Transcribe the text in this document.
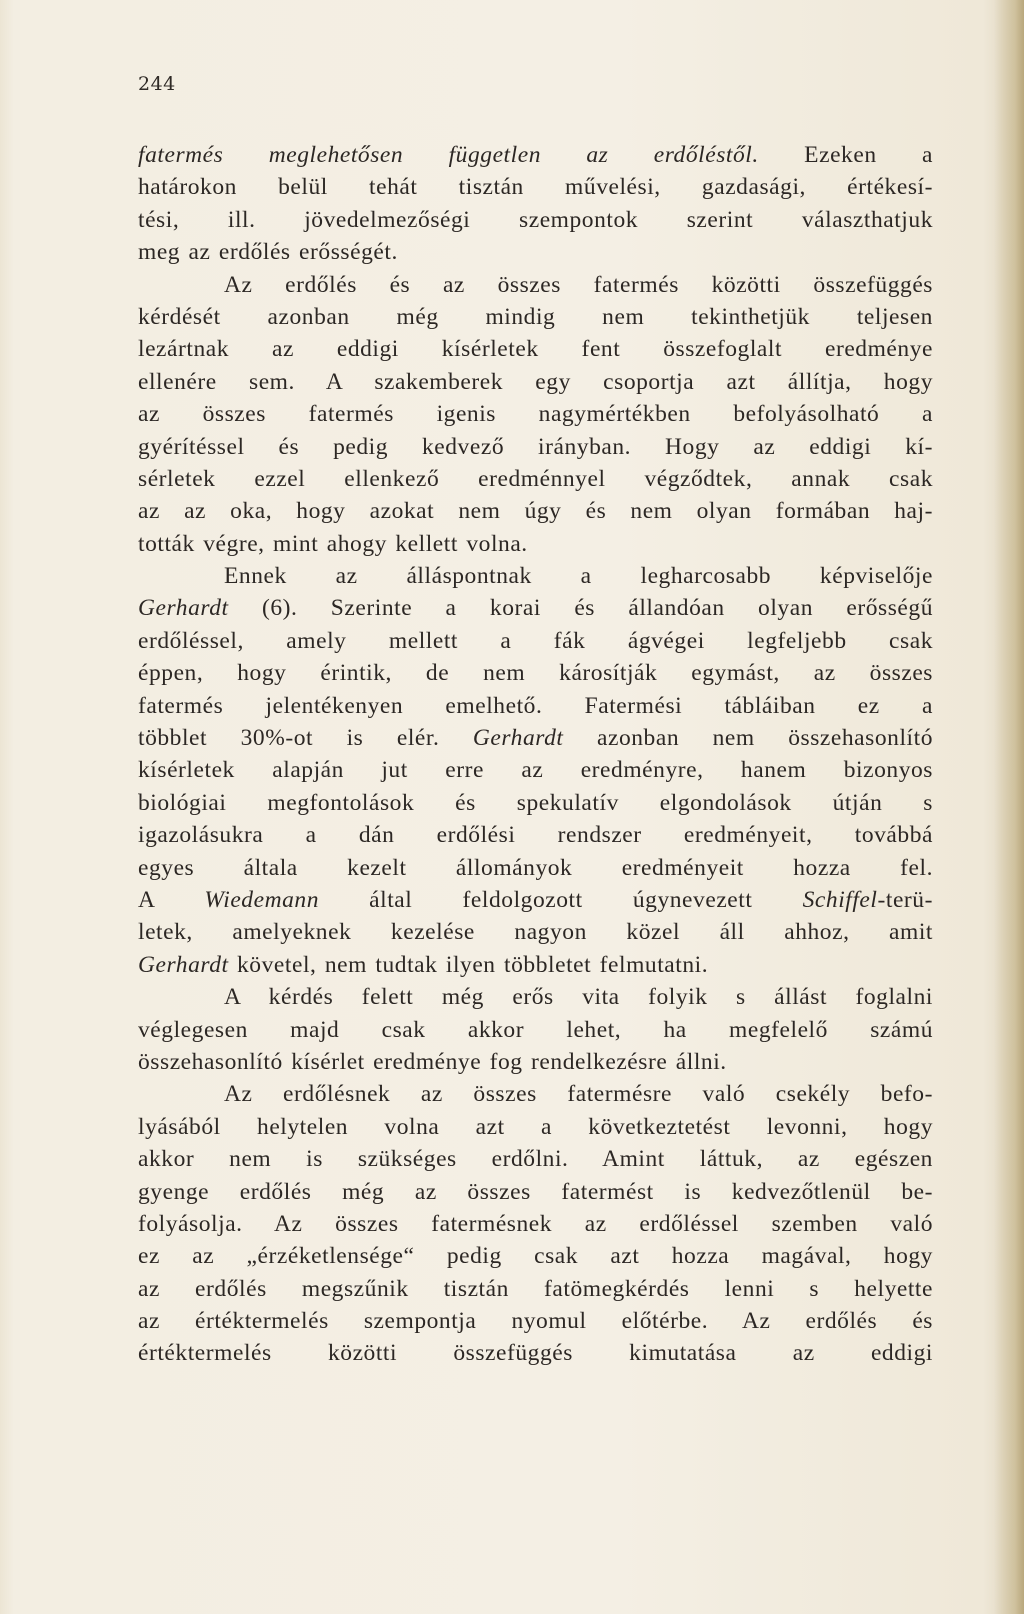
244
fatermés meglehetősen független az erdőléstől. Ezeken a
határokon belül tehát tisztán művelési, gazdasági, értékesí-
tési, ill. jövedelmezőségi szempontok szerint választhatjuk
meg az erdőlés erősségét.
Az erdőlés és az összes fatermés közötti összefüggés
kérdését azonban még mindig nem tekinthetjük teljesen
lezártnak az eddigi kísérletek fent összefoglalt eredménye
ellenére sem. A szakemberek egy csoportja azt állítja, hogy
az összes fatermés igenis nagymértékben befolyásolható a
gyérítéssel és pedig kedvező irányban. Hogy az eddigi kí-
sérletek ezzel ellenkező eredménnyel végződtek, annak csak
az az oka, hogy azokat nem úgy és nem olyan formában haj-
tották végre, mint ahogy kellett volna.
Ennek az álláspontnak a legharcosabb képviselője
Gerhardt (6). Szerinte a korai és állandóan olyan erősségű
erdőléssel, amely mellett a fák ágvégei legfeljebb csak
éppen, hogy érintik, de nem károsítják egymást, az összes
fatermés jelentékenyen emelhető. Fatermési tábláiban ez a
többlet 30%-ot is elér. Gerhardt azonban nem összehasonlító
kísérletek alapján jut erre az eredményre, hanem bizonyos
biológiai megfontolások és spekulatív elgondolások útján s
igazolásukra a dán erdőlési rendszer eredményeit, továbbá
egyes általa kezelt állományok eredményeit hozza fel.
A Wiedemann által feldolgozott úgynevezett Schiffel-terü-
letek, amelyeknek kezelése nagyon közel áll ahhoz, amit
Gerhardt követel, nem tudtak ilyen többletet felmutatni.
A kérdés felett még erős vita folyik s állást foglalni
véglegesen majd csak akkor lehet, ha megfelelő számú
összehasonlító kísérlet eredménye fog rendelkezésre állni.
Az erdőlésnek az összes fatermésre való csekély befo-
lyásából helytelen volna azt a következtetést levonni, hogy
akkor nem is szükséges erdőlni. Amint láttuk, az egészen
gyenge erdőlés még az összes fatermést is kedvezőtlenül be-
folyásolja. Az összes fatermésnek az erdőléssel szemben való
ez az „érzéketlensége“ pedig csak azt hozza magával, hogy
az erdőlés megszűnik tisztán fatömegkérdés lenni s helyette
az értéktermelés szempontja nyomul előtérbe. Az erdőlés és
értéktermelés közötti összefüggés kimutatása az eddigi
